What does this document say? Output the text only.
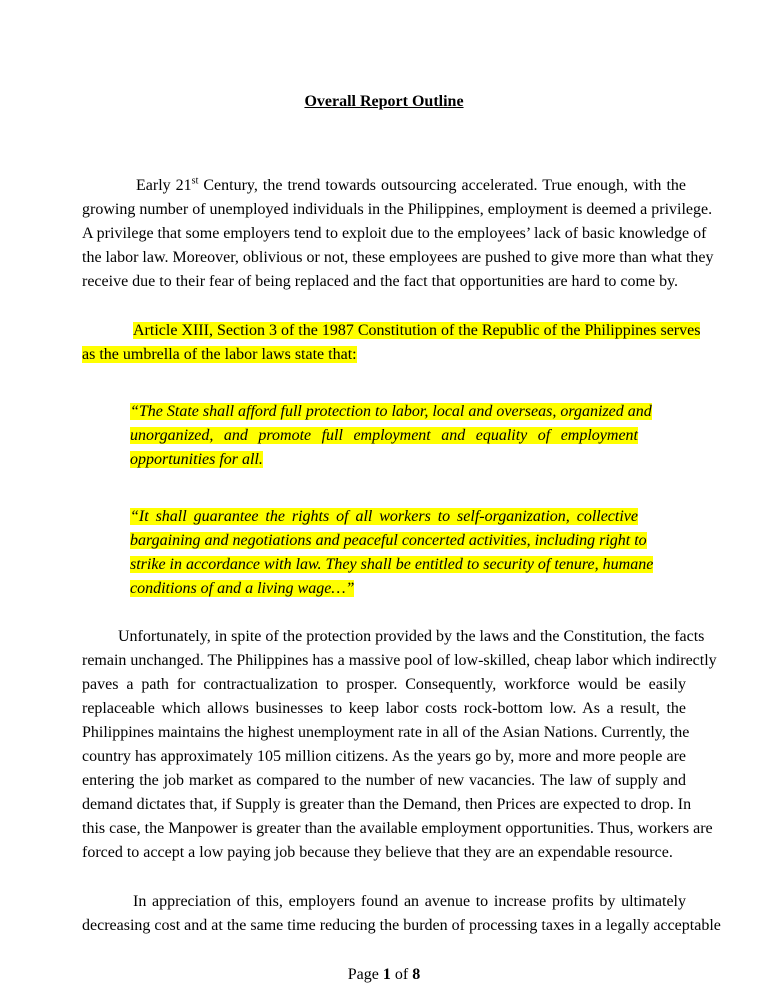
Overall Report Outline
Early 21st Century, the trend towards outsourcing accelerated. True enough, with the
growing number of unemployed individuals in the Philippines, employment is deemed a privilege.
A privilege that some employers tend to exploit due to the employees’ lack of basic knowledge of
the labor law. Moreover, oblivious or not, these employees are pushed to give more than what they
receive due to their fear of being replaced and the fact that opportunities are hard to come by.
Article XIII, Section 3 of the 1987 Constitution of the Republic of the Philippines serves
as the umbrella of the labor laws state that:
“The State shall afford full protection to labor, local and overseas, organized and
unorganized, and promote full employment and equality of employment
opportunities for all.
“It shall guarantee the rights of all workers to self-organization, collective
bargaining and negotiations and peaceful concerted activities, including right to
strike in accordance with law. They shall be entitled to security of tenure, humane
conditions of and a living wage…”
Unfortunately, in spite of the protection provided by the laws and the Constitution, the facts
remain unchanged. The Philippines has a massive pool of low-skilled, cheap labor which indirectly
paves a path for contractualization to prosper. Consequently, workforce would be easily
replaceable which allows businesses to keep labor costs rock-bottom low. As a result, the
Philippines maintains the highest unemployment rate in all of the Asian Nations. Currently, the
country has approximately 105 million citizens. As the years go by, more and more people are
entering the job market as compared to the number of new vacancies. The law of supply and
demand dictates that, if Supply is greater than the Demand, then Prices are expected to drop. In
this case, the Manpower is greater than the available employment opportunities. Thus, workers are
forced to accept a low paying job because they believe that they are an expendable resource.
In appreciation of this, employers found an avenue to increase profits by ultimately
decreasing cost and at the same time reducing the burden of processing taxes in a legally acceptable
Page 1 of 8
